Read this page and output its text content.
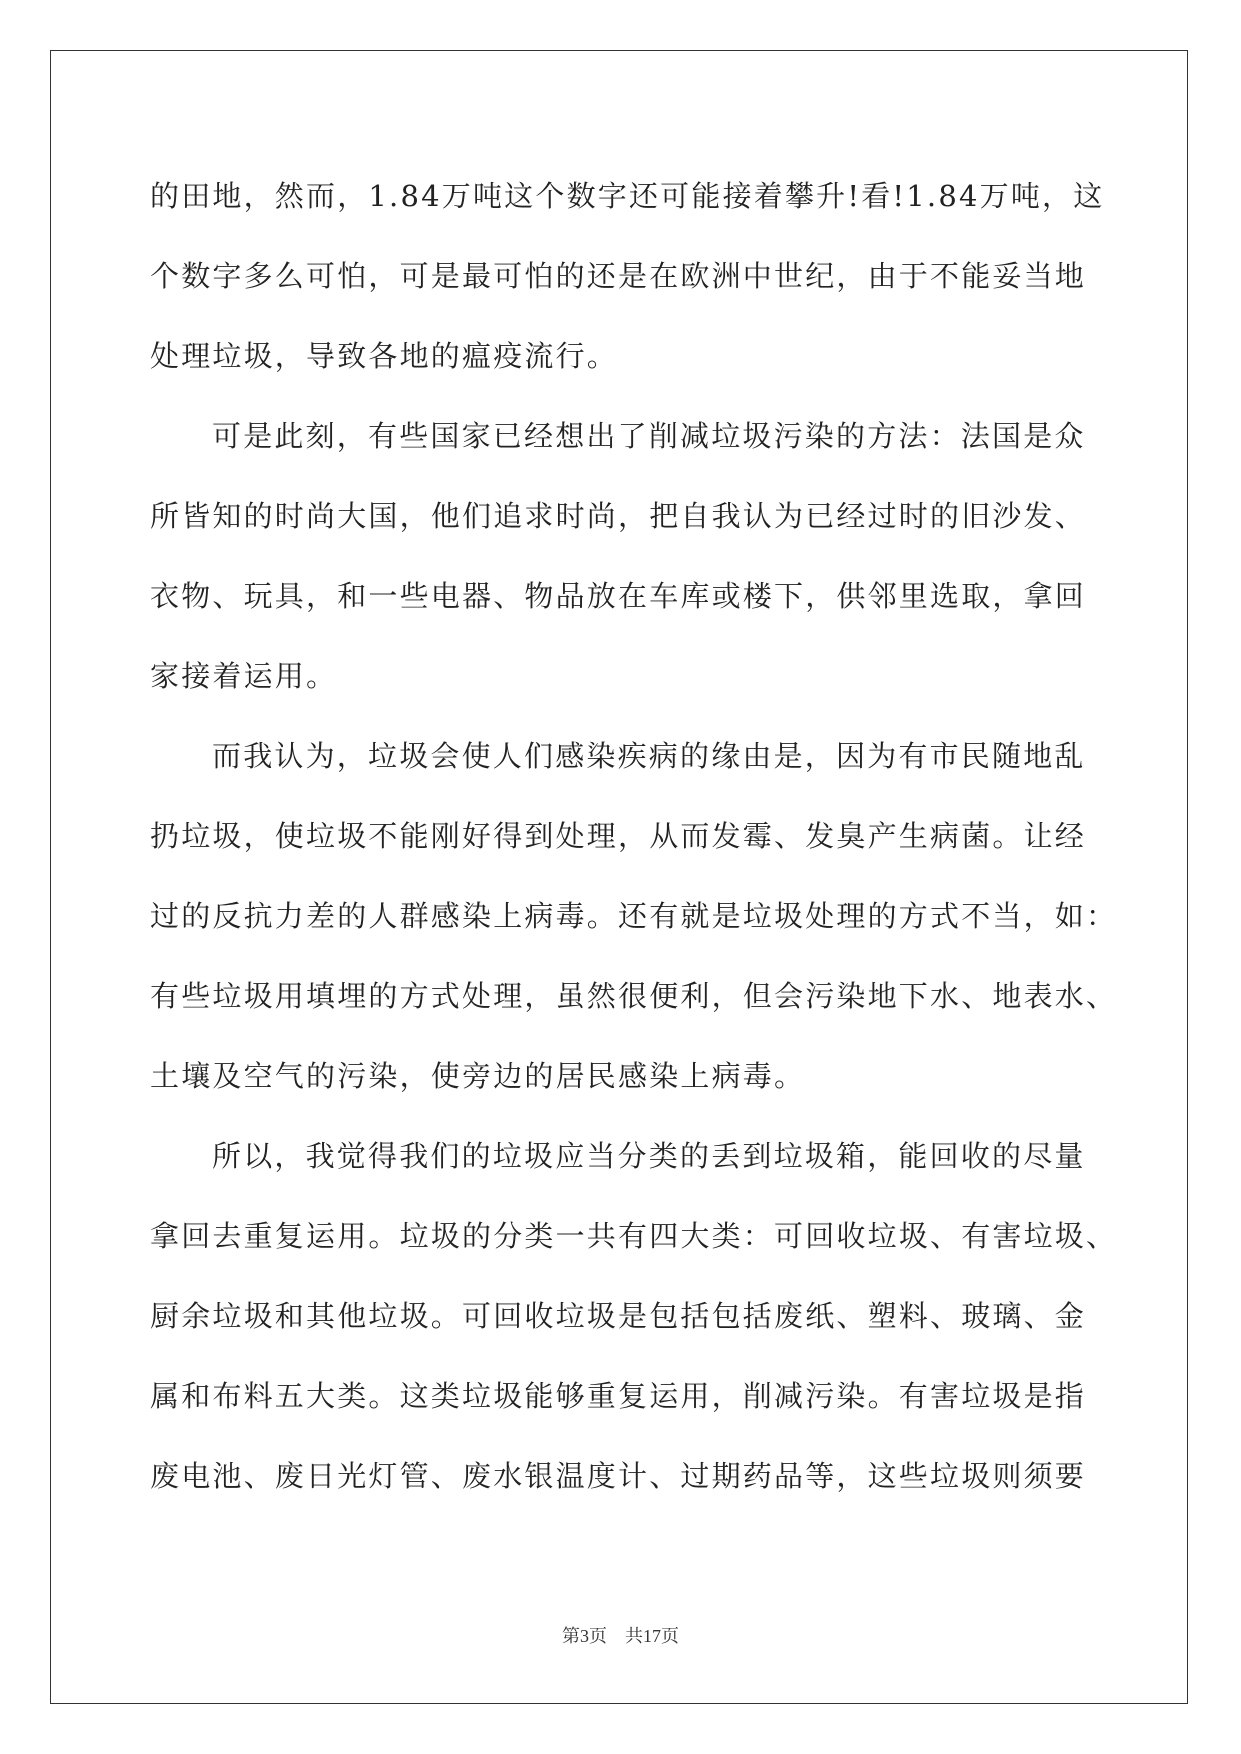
的田地，然而，1.84万吨这个数字还可能接着攀升!看!1.84万吨，这
个数字多么可怕，可是最可怕的还是在欧洲中世纪，由于不能妥当地
处理垃圾，导致各地的瘟疫流行。
可是此刻，有些国家已经想出了削减垃圾污染的方法：法国是众
所皆知的时尚大国，他们追求时尚，把自我认为已经过时的旧沙发、
衣物、玩具，和一些电器、物品放在车库或楼下，供邻里选取，拿回
家接着运用。
而我认为，垃圾会使人们感染疾病的缘由是，因为有市民随地乱
扔垃圾，使垃圾不能刚好得到处理，从而发霉、发臭产生病菌。让经
过的反抗力差的人群感染上病毒。还有就是垃圾处理的方式不当，如：
有些垃圾用填埋的方式处理，虽然很便利，但会污染地下水、地表水、
土壤及空气的污染，使旁边的居民感染上病毒。
所以，我觉得我们的垃圾应当分类的丢到垃圾箱，能回收的尽量
拿回去重复运用。垃圾的分类一共有四大类：可回收垃圾、有害垃圾、
厨余垃圾和其他垃圾。可回收垃圾是包括包括废纸、塑料、玻璃、金
属和布料五大类。这类垃圾能够重复运用，削减污染。有害垃圾是指
废电池、废日光灯管、废水银温度计、过期药品等，这些垃圾则须要
第3页 共17页
